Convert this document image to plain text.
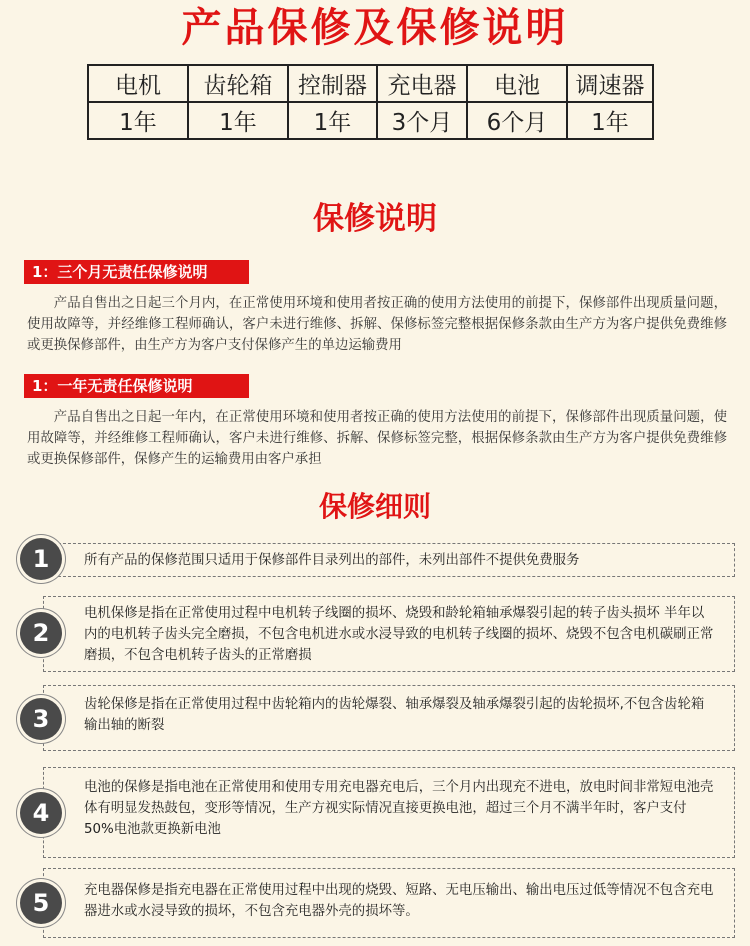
产品保修及保修说明
电机	齿轮箱	控制器	充电器	电池	调速器
1年	1年	1年	3个月	6个月	1年
保修说明
1：三个月无责任保修说明
产品自售出之日起三个月内，在正常使用环境和使用者按正确的使用方法使用的前提下，保修部件出现质量问题，使用故障等，并经维修工程师确认，客户未进行维修、拆解、保修标签完整根据保修条款由生产方为客户提供免费维修或更换保修部件，由生产方为客户支付保修产生的单边运输费用
1：一年无责任保修说明
产品自售出之日起一年内，在正常使用环境和使用者按正确的使用方法使用的前提下，保修部件出现质量问题，使用故障等，并经维修工程师确认，客户未进行维修、拆解、保修标签完整，根据保修条款由生产方为客户提供免费维修或更换保修部件，保修产生的运输费用由客户承担
保修细则
所有产品的保修范围只适用于保修部件目录列出的部件，未列出部件不提供免费服务
1
电机保修是指在正常使用过程中电机转子线圈的损坏、烧毁和龄轮箱轴承爆裂引起的转子齿头损坏 半年以内的电机转子齿头完全磨损，不包含电机进水或水浸导致的电机转子线圈的损坏、烧毁不包含电机碳刷正常磨损，不包含电机转子齿头的正常磨损
2
齿轮保修是指在正常使用过程中齿轮箱内的齿轮爆裂、轴承爆裂及轴承爆裂引起的齿轮损坏,不包含齿轮箱输出轴的断裂
3
电池的保修是指电池在正常使用和使用专用充电器充电后，三个月内出现充不进电，放电时间非常短电池壳体有明显发热鼓包，变形等情况，生产方视实际情况直接更换电池，超过三个月不满半年时，客户支付50%电池款更换新电池
4
充电器保修是指充电器在正常使用过程中出现的烧毁、短路、无电压输出、输出电压过低等情况不包含充电器进水或水浸导致的损坏，不包含充电器外壳的损坏等。
5
